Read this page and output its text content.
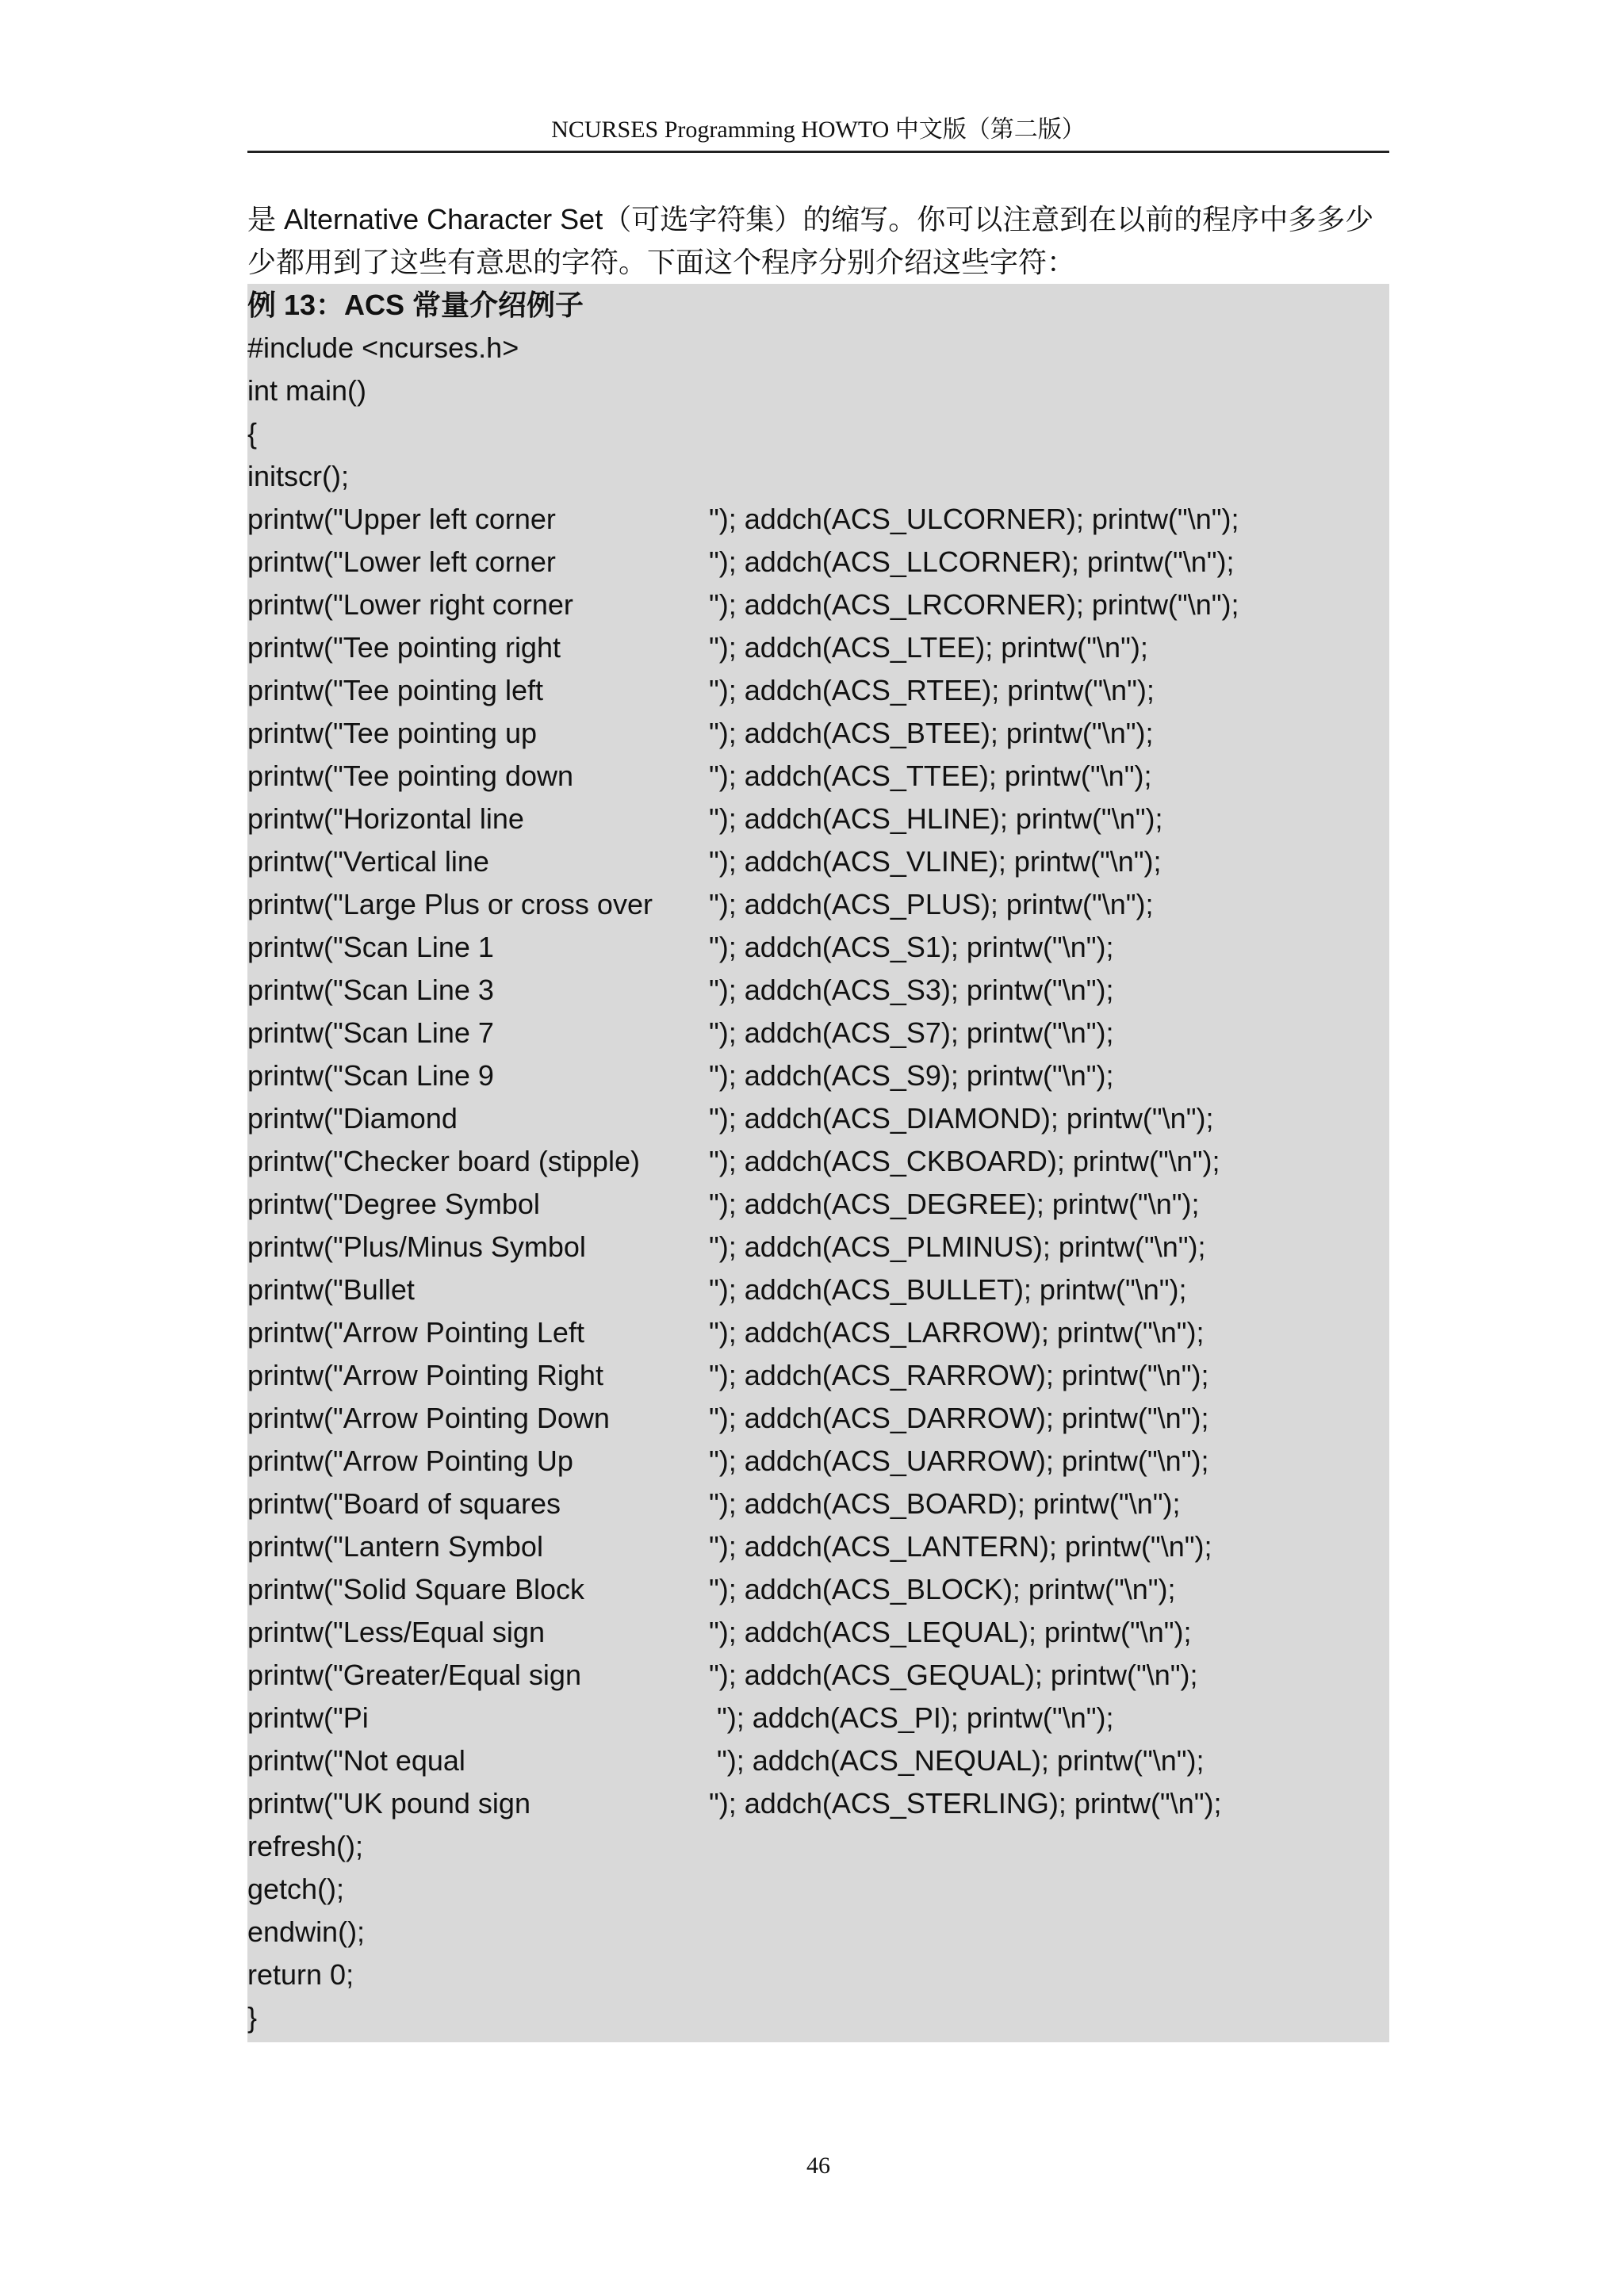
NCURSES Programming HOWTO 中文版（第二版）

是 Alternative Character Set（可选字符集）的缩写。你可以注意到在以前的程序中多多少

少都用到了这些有意思的字符。下面这个程序分别介绍这些字符：

例 13：ACS 常量介绍例子
#include <ncurses.h>
int main()
{
initscr();
printw("Upper left corner	"); addch(ACS_ULCORNER); printw("\n");
printw("Lower left corner	"); addch(ACS_LLCORNER); printw("\n");
printw("Lower right corner	"); addch(ACS_LRCORNER); printw("\n");
printw("Tee pointing right	"); addch(ACS_LTEE); printw("\n");
printw("Tee pointing left	"); addch(ACS_RTEE); printw("\n");
printw("Tee pointing up	"); addch(ACS_BTEE); printw("\n");
printw("Tee pointing down	"); addch(ACS_TTEE); printw("\n");
printw("Horizontal line	"); addch(ACS_HLINE); printw("\n");
printw("Vertical line	"); addch(ACS_VLINE); printw("\n");
printw("Large Plus or cross over "); addch(ACS_PLUS); printw("\n");
printw("Scan Line 1	"); addch(ACS_S1); printw("\n");
printw("Scan Line 3	"); addch(ACS_S3); printw("\n");
printw("Scan Line 7	"); addch(ACS_S7); printw("\n");
printw("Scan Line 9	"); addch(ACS_S9); printw("\n");
printw("Diamond	"); addch(ACS_DIAMOND); printw("\n");
printw("Checker board (stipple) "); addch(ACS_CKBOARD); printw("\n");
printw("Degree Symbol	"); addch(ACS_DEGREE); printw("\n");
printw("Plus/Minus Symbol	"); addch(ACS_PLMINUS); printw("\n");
printw("Bullet	"); addch(ACS_BULLET); printw("\n");
printw("Arrow Pointing Left	"); addch(ACS_LARROW); printw("\n");
printw("Arrow Pointing Right	"); addch(ACS_RARROW); printw("\n");
printw("Arrow Pointing Down	"); addch(ACS_DARROW); printw("\n");
printw("Arrow Pointing Up	"); addch(ACS_UARROW); printw("\n");
printw("Board of squares	"); addch(ACS_BOARD); printw("\n");
printw("Lantern Symbol	"); addch(ACS_LANTERN); printw("\n");
printw("Solid Square Block	"); addch(ACS_BLOCK); printw("\n");
printw("Less/Equal sign	"); addch(ACS_LEQUAL); printw("\n");
printw("Greater/Equal sign	"); addch(ACS_GEQUAL); printw("\n");
printw("Pi	"); addch(ACS_PI); printw("\n");
printw("Not equal	"); addch(ACS_NEQUAL); printw("\n");
printw("UK pound sign	"); addch(ACS_STERLING); printw("\n");
refresh();
getch();
endwin();
return 0;
}
46
